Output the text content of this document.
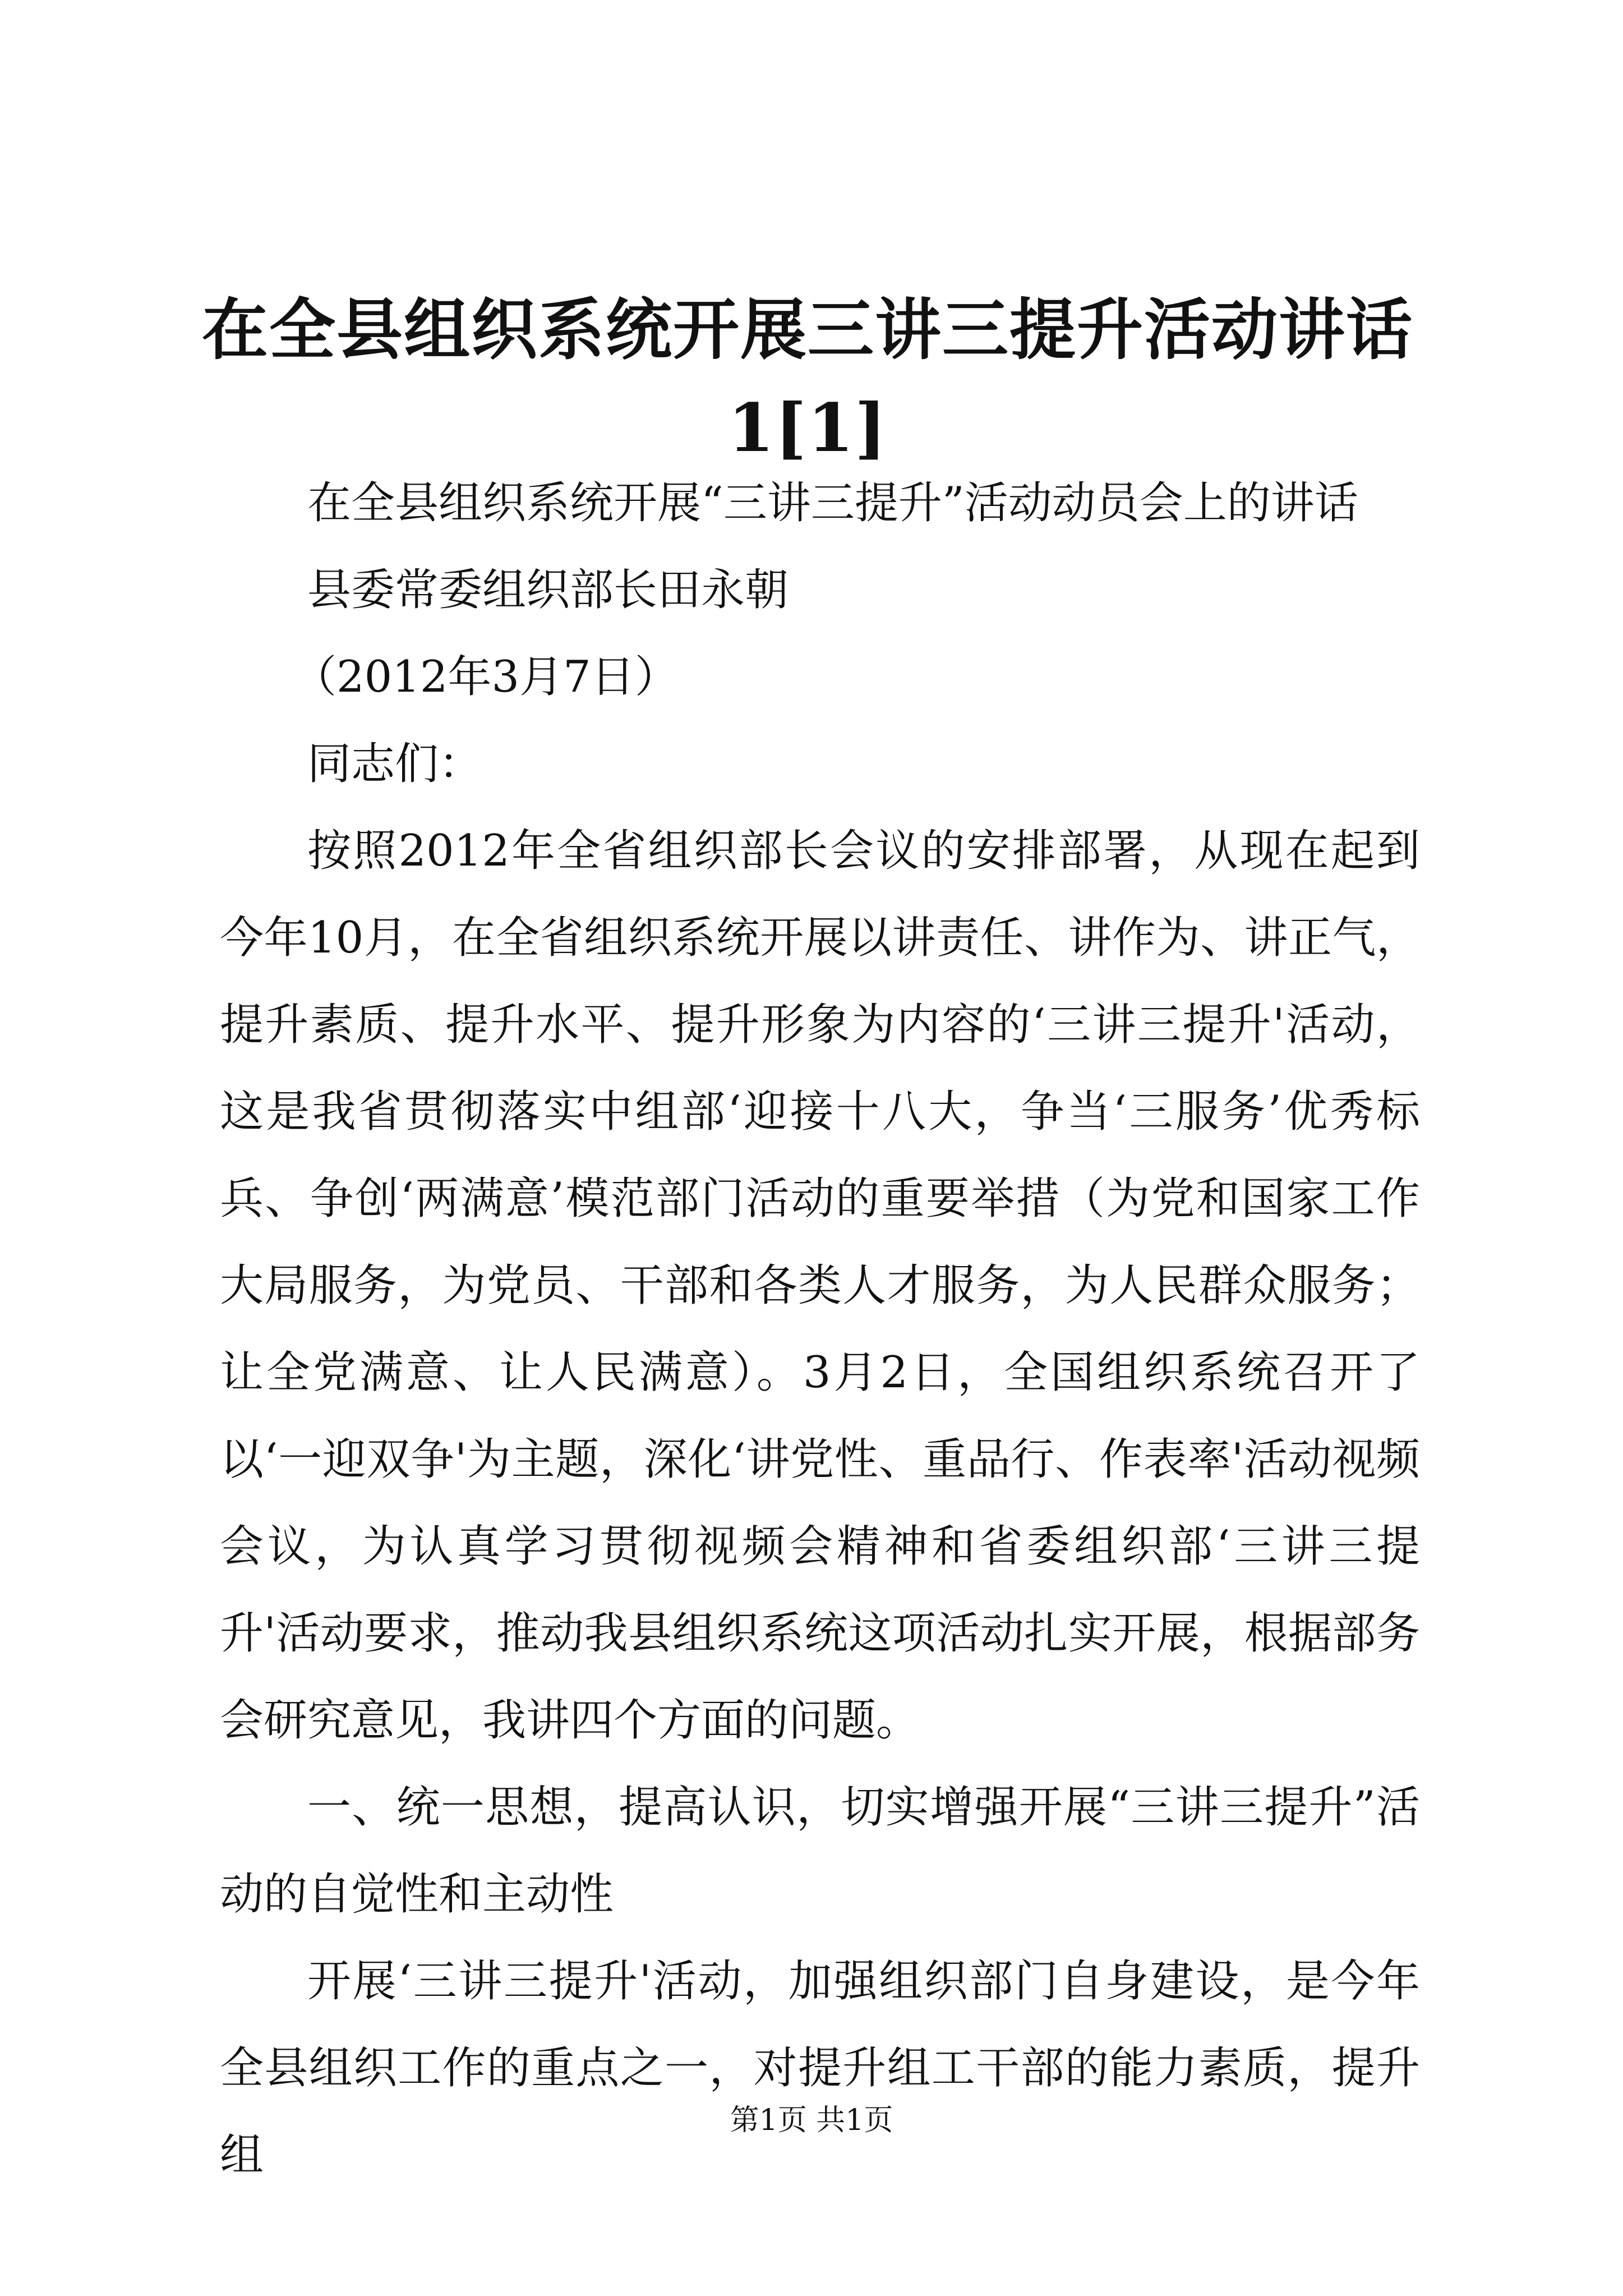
在全县组织系统开展三讲三提升活动讲话
1[1]

在全县组织系统开展“三讲三提升”活动动员会上的讲话

县委常委组织部长田永朝

（2012年3月7日）

同志们：

按照2012年全省组织部长会议的安排部署，从现在起到今年10月，在全省组织系统开展以讲责任、讲作为、讲正气，提升素质、提升水平、提升形象为内容的‘三讲三提升'活动，这是我省贯彻落实中组部‘迎接十八大，争当‘三服务’优秀标兵、争创‘两满意’模范部门活动的重要举措（为党和国家工作大局服务，为党员、干部和各类人才服务，为人民群众服务；让全党满意、让人民满意）。3月2日，全国组织系统召开了以‘一迎双争'为主题，深化‘讲党性、重品行、作表率'活动视频会议，为认真学习贯彻视频会精神和省委组织部‘三讲三提升'活动要求，推动我县组织系统这项活动扎实开展，根据部务会研究意见，我讲四个方面的问题。

一、统一思想，提高认识，切实增强开展“三讲三提升”活动的自觉性和主动性

开展‘三讲三提升'活动，加强组织部门自身建设，是今年全县组织工作的重点之一，对提升组工干部的能力素质，提升组

第1页 共1页
